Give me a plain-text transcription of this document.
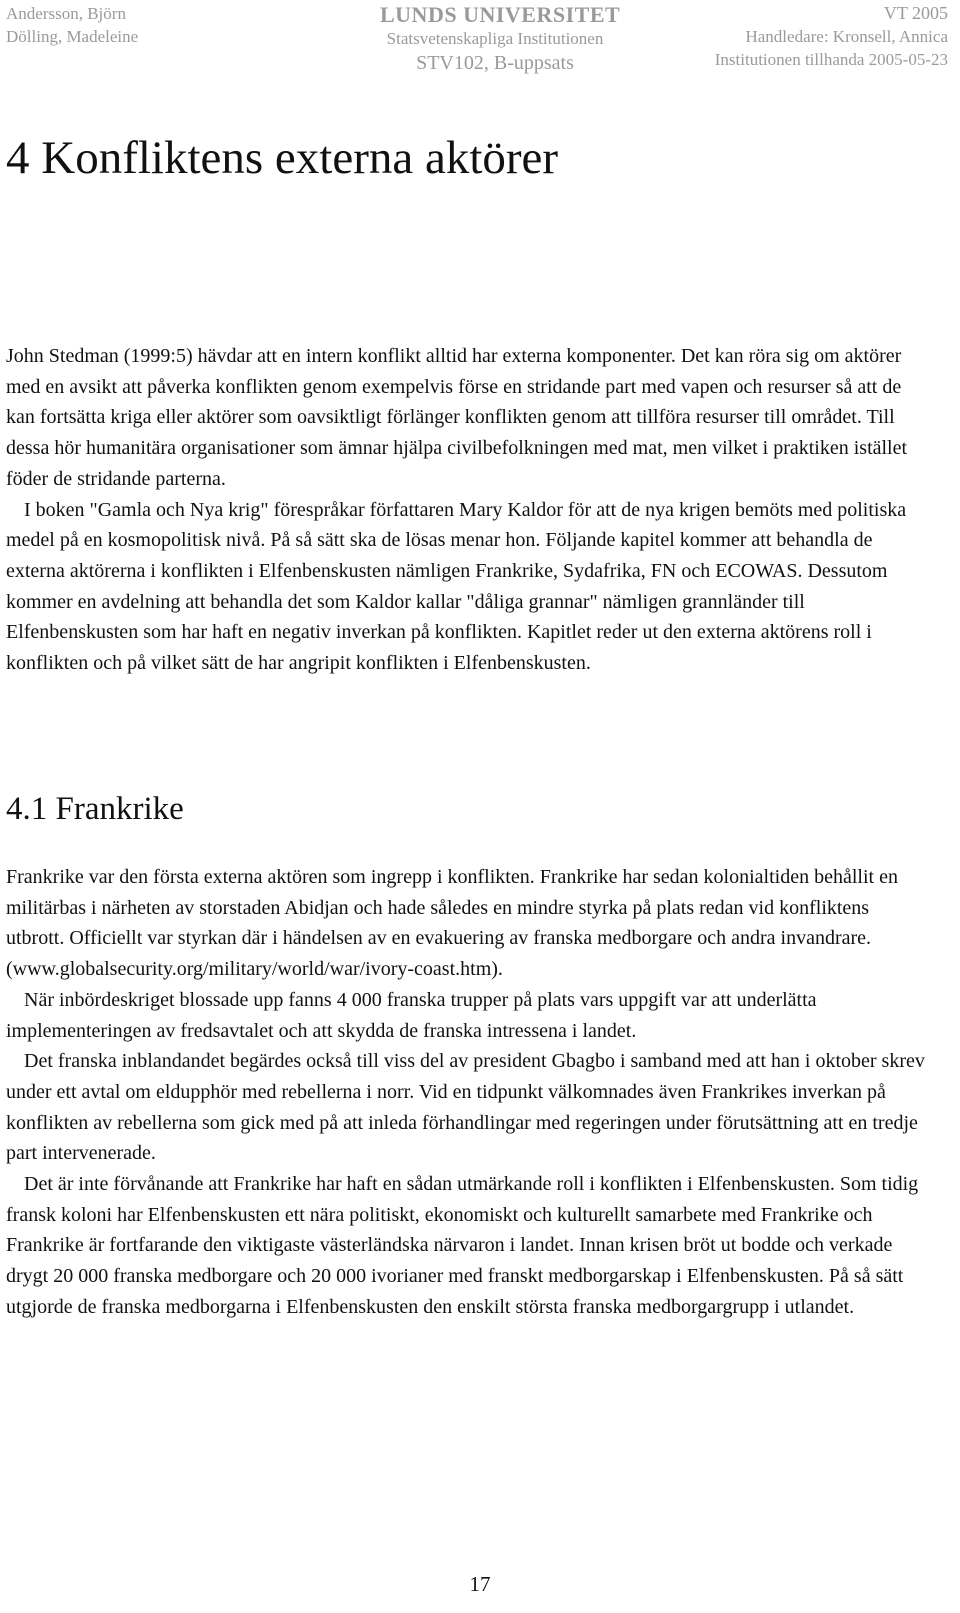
Andersson, Björn
Dölling, Madeleine
LUNDS UNIVERSITET
Statsvetenskapliga Institutionen
STV102, B-uppsats
VT 2005
Handledare: Kronsell, Annica
Institutionen tillhanda 2005-05-23
4 Konfliktens externa aktörer

John Stedman (1999:5) hävdar att en intern konflikt alltid har externa komponenter. Det kan röra sig om aktörer med en avsikt att påverka konflikten genom exempelvis förse en stridande part med vapen och resurser så att de kan fortsätta kriga eller aktörer som oavsiktligt förlänger konflikten genom att tillföra resurser till området. Till dessa hör humanitära organisationer som ämnar hjälpa civilbefolkningen med mat, men vilket i praktiken istället föder de stridande parterna.

I boken "Gamla och Nya krig" förespråkar författaren Mary Kaldor för att de nya krigen bemöts med politiska medel på en kosmopolitisk nivå. På så sätt ska de lösas menar hon. Följande kapitel kommer att behandla de externa aktörerna i konflikten i Elfenbenskusten nämligen Frankrike, Sydafrika, FN och ECOWAS. Dessutom kommer en avdelning att behandla det som Kaldor kallar "dåliga grannar" nämligen grannländer till Elfenbenskusten som har haft en negativ inverkan på konflikten. Kapitlet reder ut den externa aktörens roll i konflikten och på vilket sätt de har angripit konflikten i Elfenbenskusten.

4.1 Frankrike

Frankrike var den första externa aktören som ingrepp i konflikten. Frankrike har sedan kolonialtiden behållit en militärbas i närheten av storstaden Abidjan och hade således en mindre styrka på plats redan vid konfliktens utbrott. Officiellt var styrkan där i händelsen av en evakuering av franska medborgare och andra invandrare. (www.globalsecurity.org/military/world/war/ivory-coast.htm).

När inbördeskriget blossade upp fanns 4 000 franska trupper på plats vars uppgift var att underlätta implementeringen av fredsavtalet och att skydda de franska intressena i landet.

Det franska inblandandet begärdes också till viss del av president Gbagbo i samband med att han i oktober skrev under ett avtal om eldupphör med rebellerna i norr. Vid en tidpunkt välkomnades även Frankrikes inverkan på konflikten av rebellerna som gick med på att inleda förhandlingar med regeringen under förutsättning att en tredje part intervenerade.

Det är inte förvånande att Frankrike har haft en sådan utmärkande roll i konflikten i Elfenbenskusten. Som tidig fransk koloni har Elfenbenskusten ett nära politiskt, ekonomiskt och kulturellt samarbete med Frankrike och Frankrike är fortfarande den viktigaste västerländska närvaron i landet. Innan krisen bröt ut bodde och verkade drygt 20 000 franska medborgare och 20 000 ivorianer med franskt medborgarskap i Elfenbenskusten. På så sätt utgjorde de franska medborgarna i Elfenbenskusten den enskilt största franska medborgargrupp i utlandet.

17
